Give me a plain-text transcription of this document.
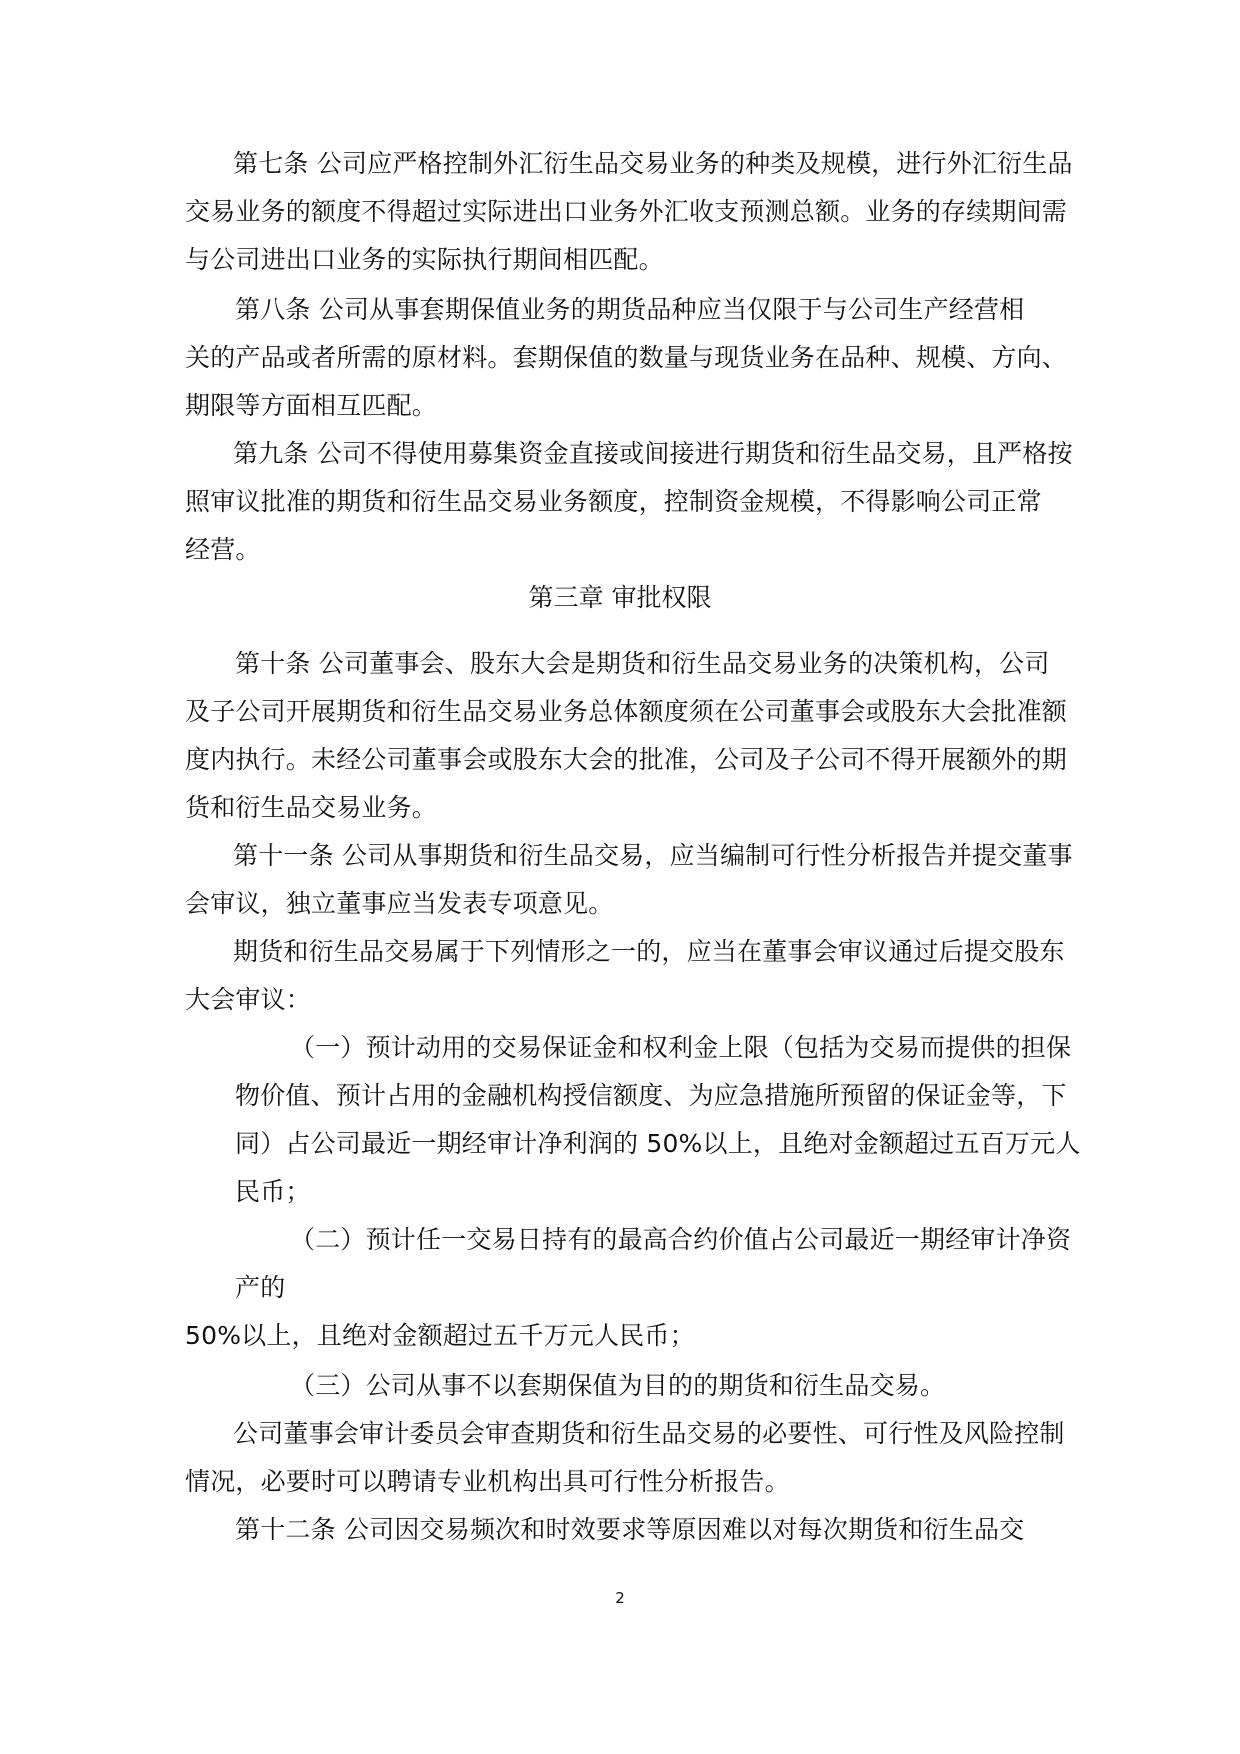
第七条 公司应严格控制外汇衍生品交易业务的种类及规模，进行外汇衍生品
交易业务的额度不得超过实际进出口业务外汇收支预测总额。业务的存续期间需
与公司进出口业务的实际执行期间相匹配。
第八条 公司从事套期保值业务的期货品种应当仅限于与公司生产经营相
关的产品或者所需的原材料。套期保值的数量与现货业务在品种、规模、方向、
期限等方面相互匹配。
第九条 公司不得使用募集资金直接或间接进行期货和衍生品交易，且严格按
照审议批准的期货和衍生品交易业务额度，控制资金规模，不得影响公司正常
经营。
第三章 审批权限
第十条 公司董事会、股东大会是期货和衍生品交易业务的决策机构，公司
及子公司开展期货和衍生品交易业务总体额度须在公司董事会或股东大会批准额
度内执行。未经公司董事会或股东大会的批准，公司及子公司不得开展额外的期
货和衍生品交易业务。
第十一条 公司从事期货和衍生品交易，应当编制可行性分析报告并提交董事
会审议，独立董事应当发表专项意见。
期货和衍生品交易属于下列情形之一的，应当在董事会审议通过后提交股东
大会审议：
（一）预计动用的交易保证金和权利金上限（包括为交易而提供的担保
物价值、预计占用的金融机构授信额度、为应急措施所预留的保证金等，下
同）占公司最近一期经审计净利润的 50%以上，且绝对金额超过五百万元人
民币；
（二）预计任一交易日持有的最高合约价值占公司最近一期经审计净资
产的
50%以上，且绝对金额超过五千万元人民币；
（三）公司从事不以套期保值为目的的期货和衍生品交易。
公司董事会审计委员会审查期货和衍生品交易的必要性、可行性及风险控制
情况，必要时可以聘请专业机构出具可行性分析报告。
第十二条 公司因交易频次和时效要求等原因难以对每次期货和衍生品交
2
